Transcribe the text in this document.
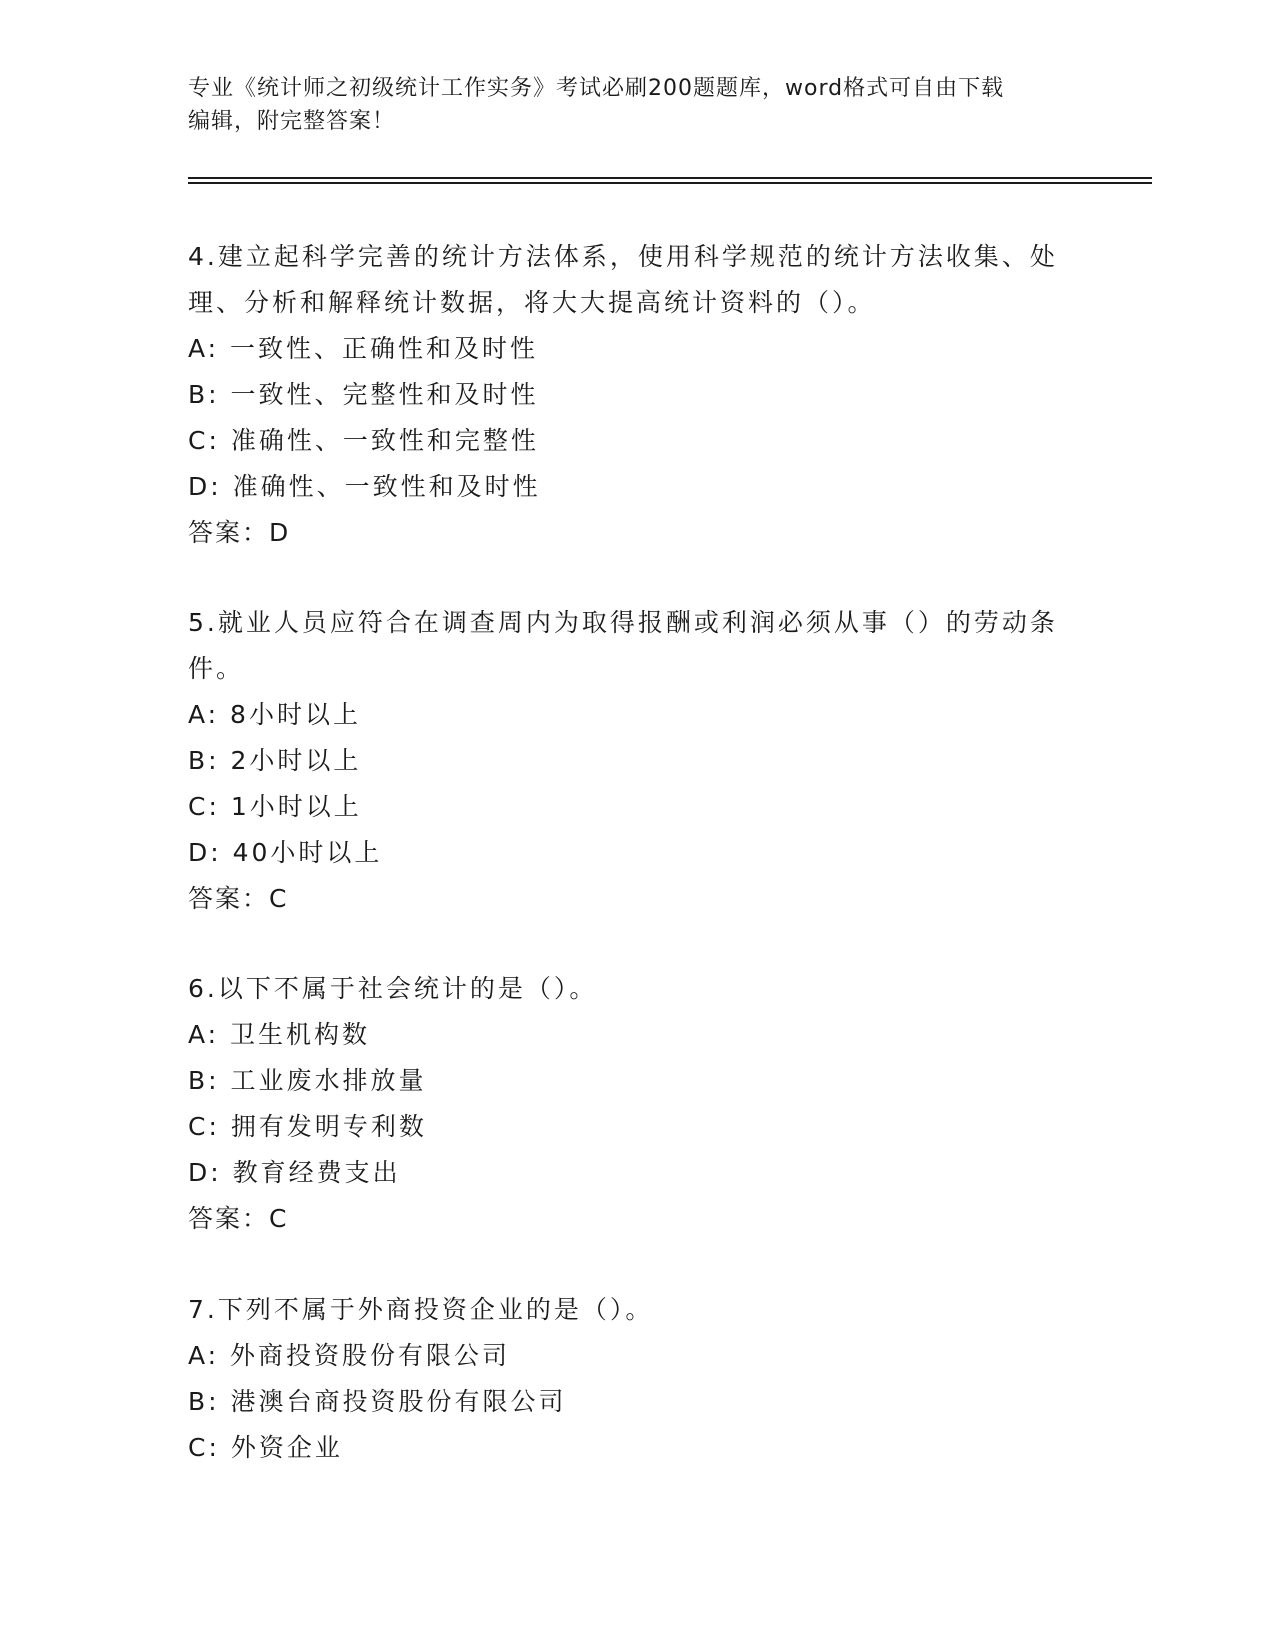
专业《统计师之初级统计工作实务》考试必刷200题题库，word格式可自由下载
编辑，附完整答案！
4.建立起科学完善的统计方法体系，使用科学规范的统计方法收集、处理、分析和解释统计数据，将大大提高统计资料的（）。
A: 一致性、正确性和及时性
B: 一致性、完整性和及时性
C: 准确性、一致性和完整性
D: 准确性、一致性和及时性
答案：D
5.就业人员应符合在调查周内为取得报酬或利润必须从事（）的劳动条件。
A: 8小时以上
B: 2小时以上
C: 1小时以上
D: 40小时以上
答案：C
6.以下不属于社会统计的是（）。
A: 卫生机构数
B: 工业废水排放量
C: 拥有发明专利数
D: 教育经费支出
答案：C
7.下列不属于外商投资企业的是（）。
A: 外商投资股份有限公司
B: 港澳台商投资股份有限公司
C: 外资企业
